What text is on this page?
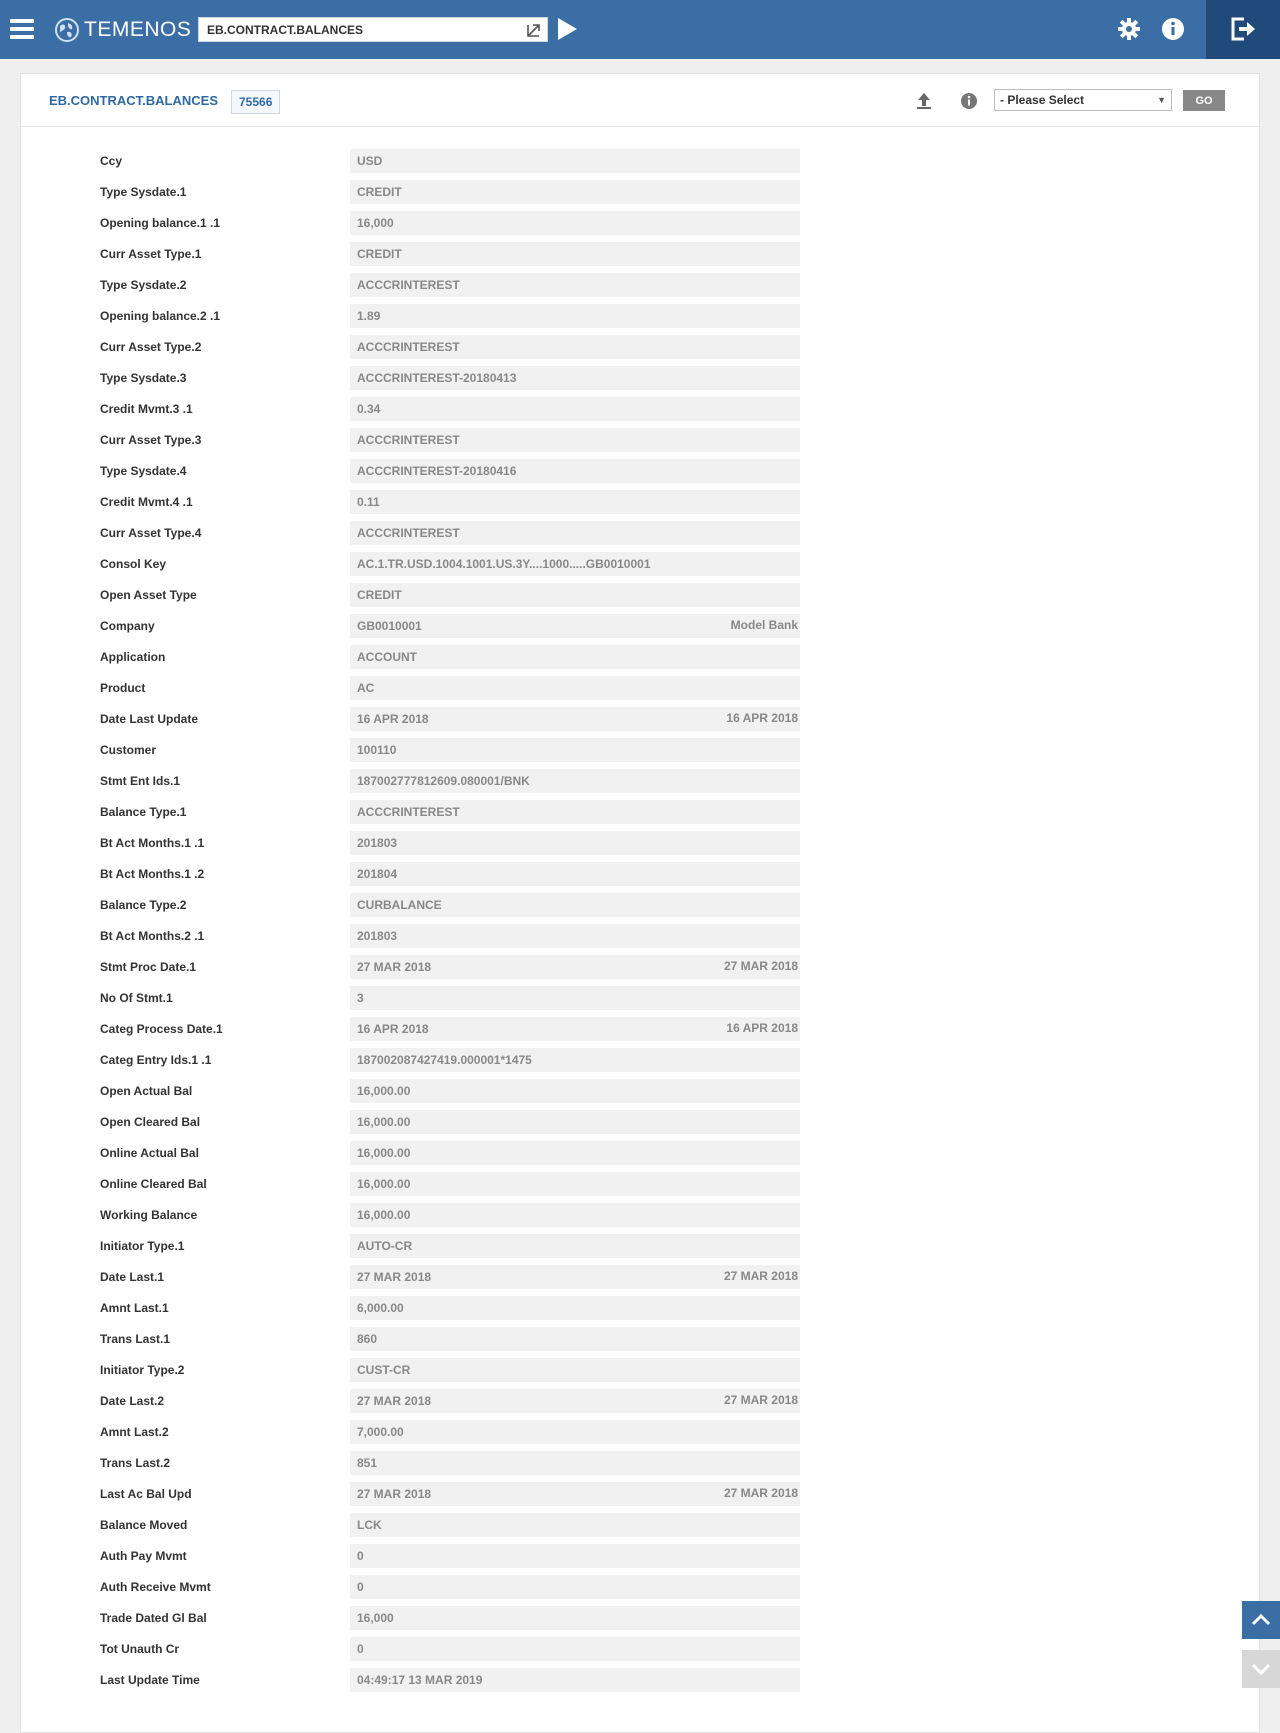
TEMENOS
EB.CONTRACT.BALANCES
EB.CONTRACT.BALANCES	75566	- Please Select	▼	GO
Ccy	USD
Type Sysdate.1	CREDIT
Opening balance.1 .1	16,000
Curr Asset Type.1	CREDIT
Type Sysdate.2	ACCCRINTEREST
Opening balance.2 .1	1.89
Curr Asset Type.2	ACCCRINTEREST
Type Sysdate.3	ACCCRINTEREST-20180413
Credit Mvmt.3 .1	0.34
Curr Asset Type.3	ACCCRINTEREST
Type Sysdate.4	ACCCRINTEREST-20180416
Credit Mvmt.4 .1	0.11
Curr Asset Type.4	ACCCRINTEREST
Consol Key	AC.1.TR.USD.1004.1001.US.3Y....1000.....GB0010001
Open Asset Type	CREDIT
Company	GB0010001	Model Bank
Application	ACCOUNT
Product	AC
Date Last Update	16 APR 2018	16 APR 2018
Customer	100110
Stmt Ent Ids.1	187002777812609.080001/BNK
Balance Type.1	ACCCRINTEREST
Bt Act Months.1 .1	201803
Bt Act Months.1 .2	201804
Balance Type.2	CURBALANCE
Bt Act Months.2 .1	201803
Stmt Proc Date.1	27 MAR 2018	27 MAR 2018
No Of Stmt.1	3
Categ Process Date.1	16 APR 2018	16 APR 2018
Categ Entry Ids.1 .1	187002087427419.000001*1475
Open Actual Bal	16,000.00
Open Cleared Bal	16,000.00
Online Actual Bal	16,000.00
Online Cleared Bal	16,000.00
Working Balance	16,000.00
Initiator Type.1	AUTO-CR
Date Last.1	27 MAR 2018	27 MAR 2018
Amnt Last.1	6,000.00
Trans Last.1	860
Initiator Type.2	CUST-CR
Date Last.2	27 MAR 2018	27 MAR 2018
Amnt Last.2	7,000.00
Trans Last.2	851
Last Ac Bal Upd	27 MAR 2018	27 MAR 2018
Balance Moved	LCK
Auth Pay Mvmt	0
Auth Receive Mvmt	0
Trade Dated Gl Bal	16,000
Tot Unauth Cr	0
Last Update Time	04:49:17 13 MAR 2019
